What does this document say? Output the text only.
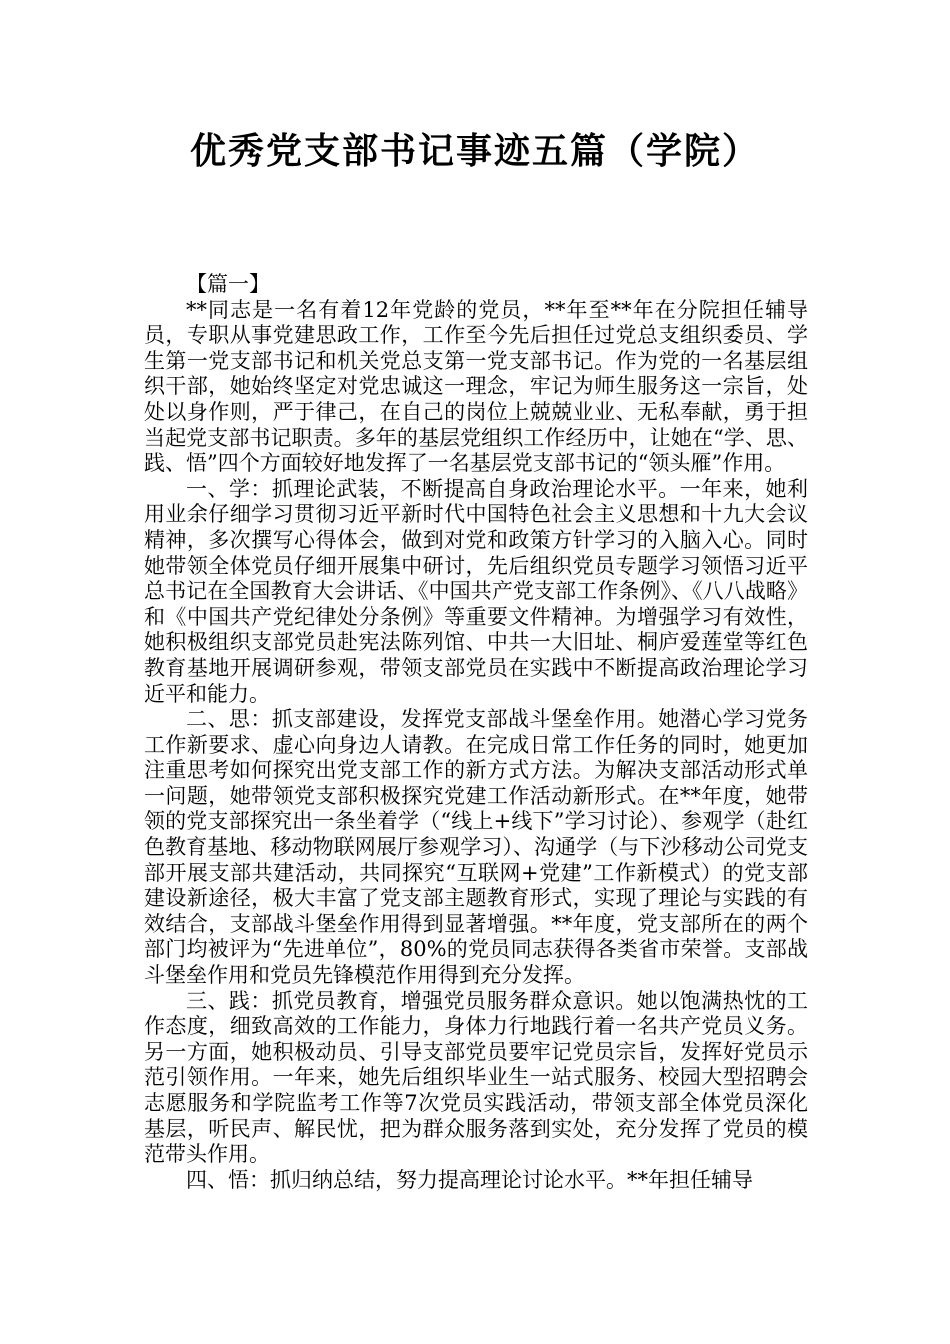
优秀党支部书记事迹五篇（学院）

【篇一】

**同志是一名有着12年党龄的党员，**年至**年在分院担任辅导员，专职从事党建思政工作，工作至今先后担任过党总支组织委员、学生第一党支部书记和机关党总支第一党支部书记。作为党的一名基层组织干部，她始终坚定对党忠诚这一理念，牢记为师生服务这一宗旨，处处以身作则，严于律己，在自己的岗位上兢兢业业、无私奉献，勇于担当起党支部书记职责。多年的基层党组织工作经历中，让她在“学、思、践、悟”四个方面较好地发挥了一名基层党支部书记的“领头雁”作用。

一、学：抓理论武装，不断提高自身政治理论水平。一年来，她利用业余仔细学习贯彻习近平新时代中国特色社会主义思想和十九大会议精神，多次撰写心得体会，做到对党和政策方针学习的入脑入心。同时她带领全体党员仔细开展集中研讨，先后组织党员专题学习领悟习近平总书记在全国教育大会讲话、《中国共产党支部工作条例》、《八八战略》和《中国共产党纪律处分条例》等重要文件精神。为增强学习有效性，她积极组织支部党员赴宪法陈列馆、中共一大旧址、桐庐爱莲堂等红色教育基地开展调研参观，带领支部党员在实践中不断提高政治理论学习近平和能力。

二、思：抓支部建设，发挥党支部战斗堡垒作用。她潜心学习党务工作新要求、虚心向身边人请教。在完成日常工作任务的同时，她更加注重思考如何探究出党支部工作的新方式方法。为解决支部活动形式单一问题，她带领党支部积极探究党建工作活动新形式。在**年度，她带领的党支部探究出一条坐着学（“线上+线下”学习讨论）、参观学（赴红色教育基地、移动物联网展厅参观学习）、沟通学（与下沙移动公司党支部开展支部共建活动，共同探究“互联网+党建”工作新模式）的党支部建设新途径，极大丰富了党支部主题教育形式，实现了理论与实践的有效结合，支部战斗堡垒作用得到显著增强。**年度，党支部所在的两个部门均被评为“先进单位”，80%的党员同志获得各类省市荣誉。支部战斗堡垒作用和党员先锋模范作用得到充分发挥。

三、践：抓党员教育，增强党员服务群众意识。她以饱满热忱的工作态度，细致高效的工作能力，身体力行地践行着一名共产党员义务。另一方面，她积极动员、引导支部党员要牢记党员宗旨，发挥好党员示范引领作用。一年来，她先后组织毕业生一站式服务、校园大型招聘会志愿服务和学院监考工作等7次党员实践活动，带领支部全体党员深化基层，听民声、解民忧，把为群众服务落到实处，充分发挥了党员的模范带头作用。

四、悟：抓归纳总结，努力提高理论讨论水平。**年担任辅导
